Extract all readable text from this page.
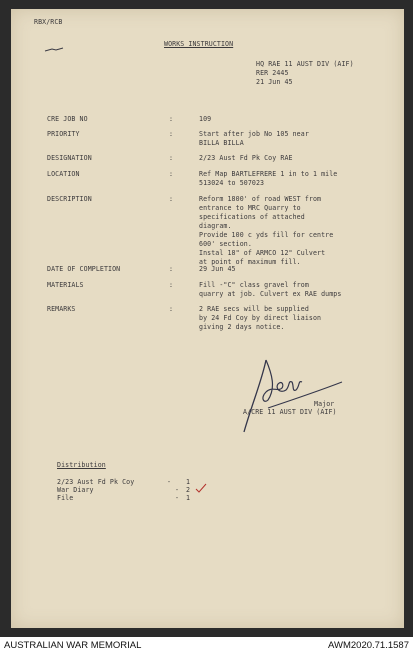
RBX/RCB
WORKS INSTRUCTION
HQ RAE 11 AUST DIV (AIF)
RER 2445
21 Jun 45
CRE JOB NO	:	109
PRIORITY	:	Start after job No 105 near
BILLA BILLA
DESIGNATION	:	2/23 Aust Fd Pk Coy RAE
LOCATION	:	Ref Map BARTLEFRERE 1 in to 1 mile
513024 to 507023
DESCRIPTION	:	Reform 1800' of road WEST from
entrance to MRC Quarry to
specifications of attached
diagram.
Provide 100 c yds fill for centre
600' section.
Instal 18" of ARMCO 12" Culvert
at point of maximum fill.
DATE OF COMPLETION	:	29 Jun 45
MATERIALS	:	Fill -"C" class gravel from
quarry at job. Culvert ex RAE dumps
REMARKS	:	2 RAE secs will be supplied
by 24 Fd Coy by direct liaison
giving 2 days notice.
Major
A/CRE 11 AUST DIV (AIF)
Distribution
2/23 Aust Fd Pk Coy	- 1
War Diary	- 2
File	- 1
AUSTRALIAN WAR MEMORIAL	AWM2020.71.1587
